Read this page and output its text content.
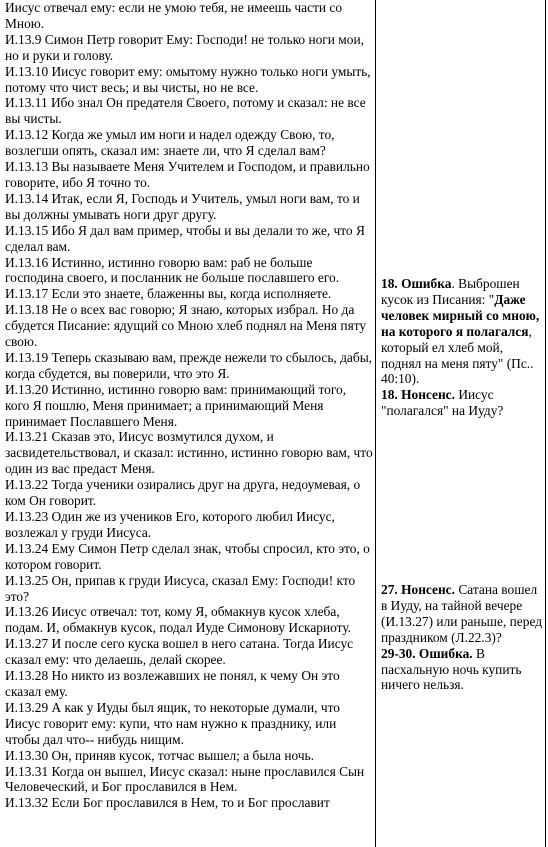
Иисус отвечал ему: если не умою тебя, не имеешь части со Мною.

И.13.9 Симон Петр говорит Ему: Господи! не только ноги мои, но и руки и голову.

И.13.10 Иисус говорит ему: омытому нужно только ноги умыть, потому что чист весь; и вы чисты, но не все.

И.13.11 Ибо знал Он предателя Своего, потому и сказал: не все вы чисты.

И.13.12 Когда же умыл им ноги и надел одежду Свою, то, возлегши опять, сказал им: знаете ли, что Я сделал вам?

И.13.13 Вы называете Меня Учителем и Господом, и правильно говорите, ибо Я точно то.

И.13.14 Итак, если Я, Господь и Учитель, умыл ноги вам, то и вы должны умывать ноги друг другу.

И.13.15 Ибо Я дал вам пример, чтобы и вы делали то же, что Я сделал вам.

И.13.16 Истинно, истинно говорю вам: раб не больше господина своего, и посланник не больше пославшего его.

И.13.17 Если это знаете, блаженны вы, когда исполняете.

И.13.18 Не о всех вас говорю; Я знаю, которых избрал. Но да сбудется Писание: ядущий со Мною хлеб поднял на Меня пяту свою.

И.13.19 Теперь сказываю вам, прежде нежели то сбылось, дабы, когда сбудется, вы поверили, что это Я.

И.13.20 Истинно, истинно говорю вам: принимающий того, кого Я пошлю, Меня принимает; а принимающий Меня принимает Пославшего Меня.

И.13.21 Сказав это, Иисус возмутился духом, и засвидетельствовал, и сказал: истинно, истинно говорю вам, что один из вас предаст Меня.

И.13.22 Тогда ученики озирались друг на друга, недоумевая, о ком Он говорит.

И.13.23 Один же из учеников Его, которого любил Иисус, возлежал у груди Иисуса.

И.13.24 Ему Симон Петр сделал знак, чтобы спросил, кто это, о котором говорит.

И.13.25 Он, припав к груди Иисуса, сказал Ему: Господи! кто это?

И.13.26 Иисус отвечал: тот, кому Я, обмакнув кусок хлеба, подам. И, обмакнув кусок, подал Иуде Симонову Искариоту.

И.13.27 И после сего куска вошел в него сатана. Тогда Иисус сказал ему: что делаешь, делай скорее.

И.13.28 Но никто из возлежавших не понял, к чему Он это сказал ему.

И.13.29 А как у Иуды был ящик, то некоторые думали, что Иисус говорит ему: купи, что нам нужно к празднику, или чтобы дал что-- нибудь нищим.

И.13.30 Он, приняв кусок, тотчас вышел; а была ночь.

И.13.31 Когда он вышел, Иисус сказал: ныне прославился Сын Человеческий, и Бог прославился в Нем.

И.13.32 Если Бог прославился в Нем, то и Бог прославит

18. Ошибка. Выброшен кусок из Писания: "Даже человек мирный со мною, на которого я полагался, который ел хлеб мой, поднял на меня пяту" (Пс.. 40:10).

18. Нонсенс. Иисус "полагался" на Иуду?

27. Нонсенс. Сатана вошел в Иуду, на тайной вечере (И.13.27) или раньше, перед праздником (Л.22.3)?

29-30. Ошибка. В пасхальную ночь купить ничего нельзя.
